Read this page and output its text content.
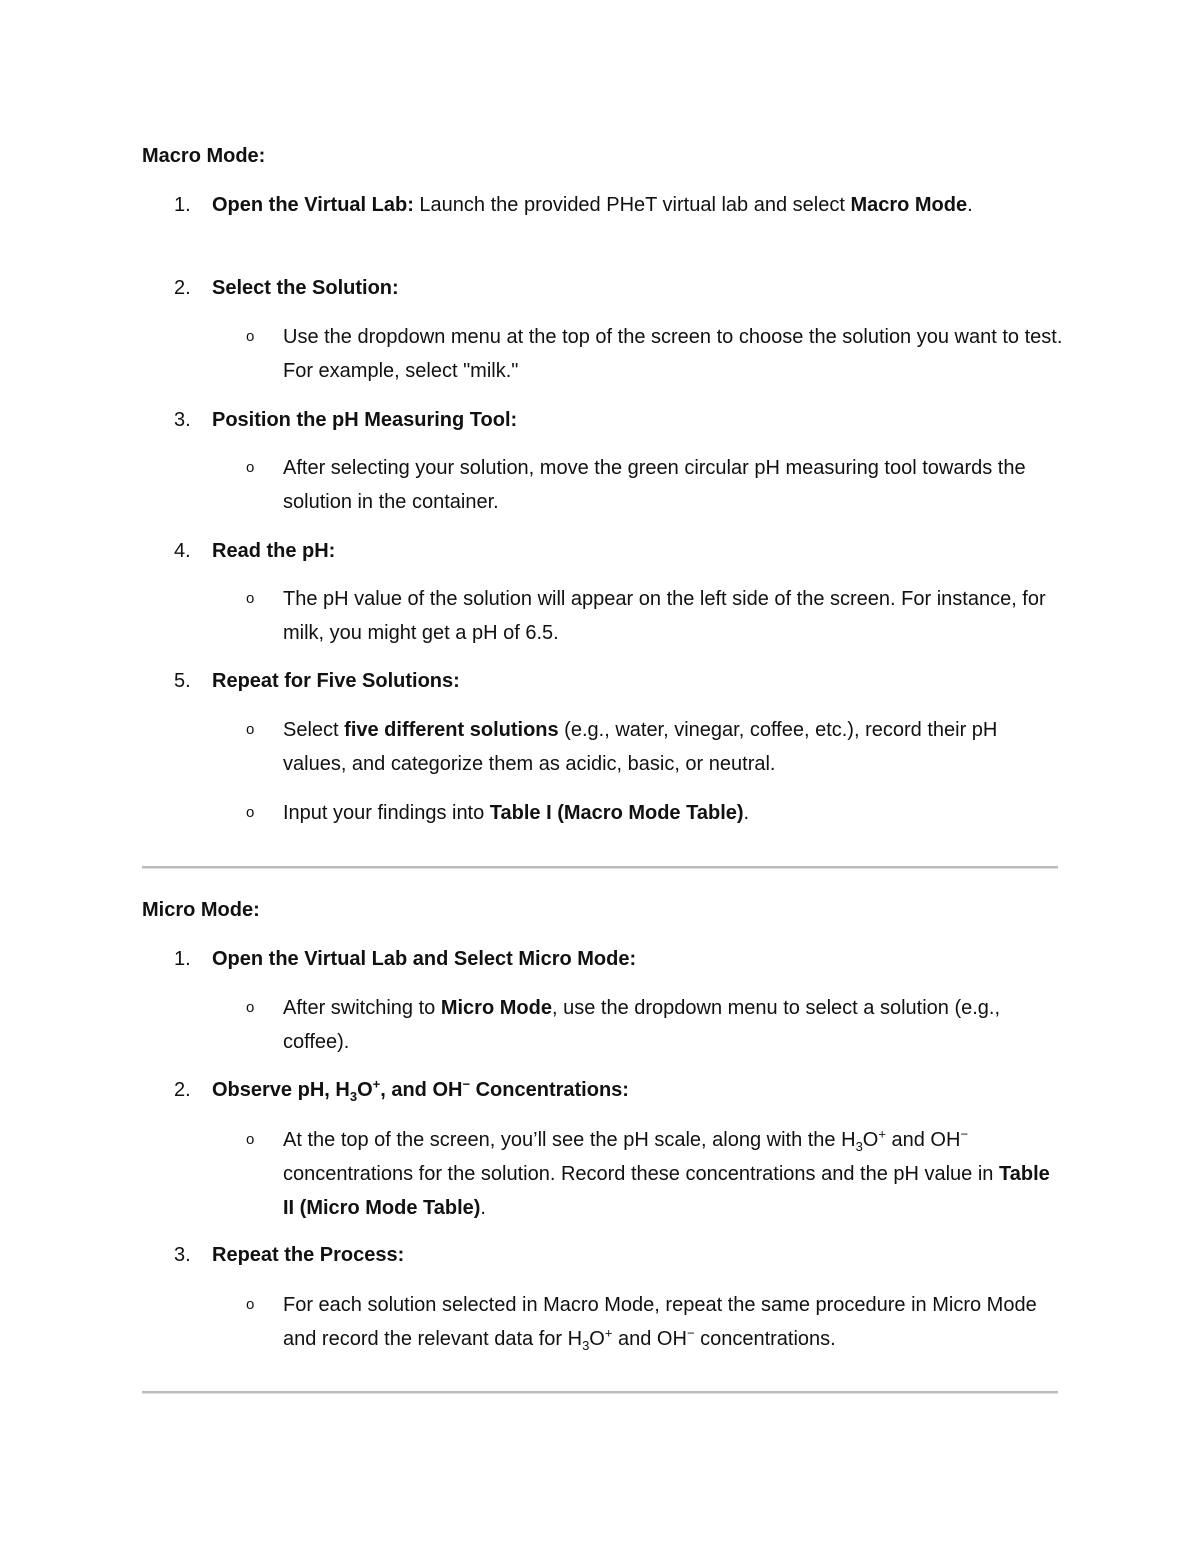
Macro Mode:
1.	Open the Virtual Lab: Launch the provided PHeT virtual lab and select Macro Mode.
2.	Select the Solution:
o Use the dropdown menu at the top of the screen to choose the solution you want to test. For example, select "milk."
3.	Position the pH Measuring Tool:
o After selecting your solution, move the green circular pH measuring tool towards the solution in the container.
4.	Read the pH:
o The pH value of the solution will appear on the left side of the screen. For instance, for milk, you might get a pH of 6.5.
5.	Repeat for Five Solutions:
o Select five different solutions (e.g., water, vinegar, coffee, etc.), record their pH values, and categorize them as acidic, basic, or neutral.
o Input your findings into Table I (Macro Mode Table).
Micro Mode:
1.	Open the Virtual Lab and Select Micro Mode:
o After switching to Micro Mode, use the dropdown menu to select a solution (e.g., coffee).
2.	Observe pH, $H_3O^+$, and OH− Concentrations:
o At the top of the screen, you’ll see the pH scale, along with the $H_3O^+$ and OH− concentrations for the solution. Record these concentrations and the pH value in Table II (Micro Mode Table).
3.	Repeat the Process:
o For each solution selected in Macro Mode, repeat the same procedure in Micro Mode and record the relevant data for $H_3O^+$ and OH− concentrations.
